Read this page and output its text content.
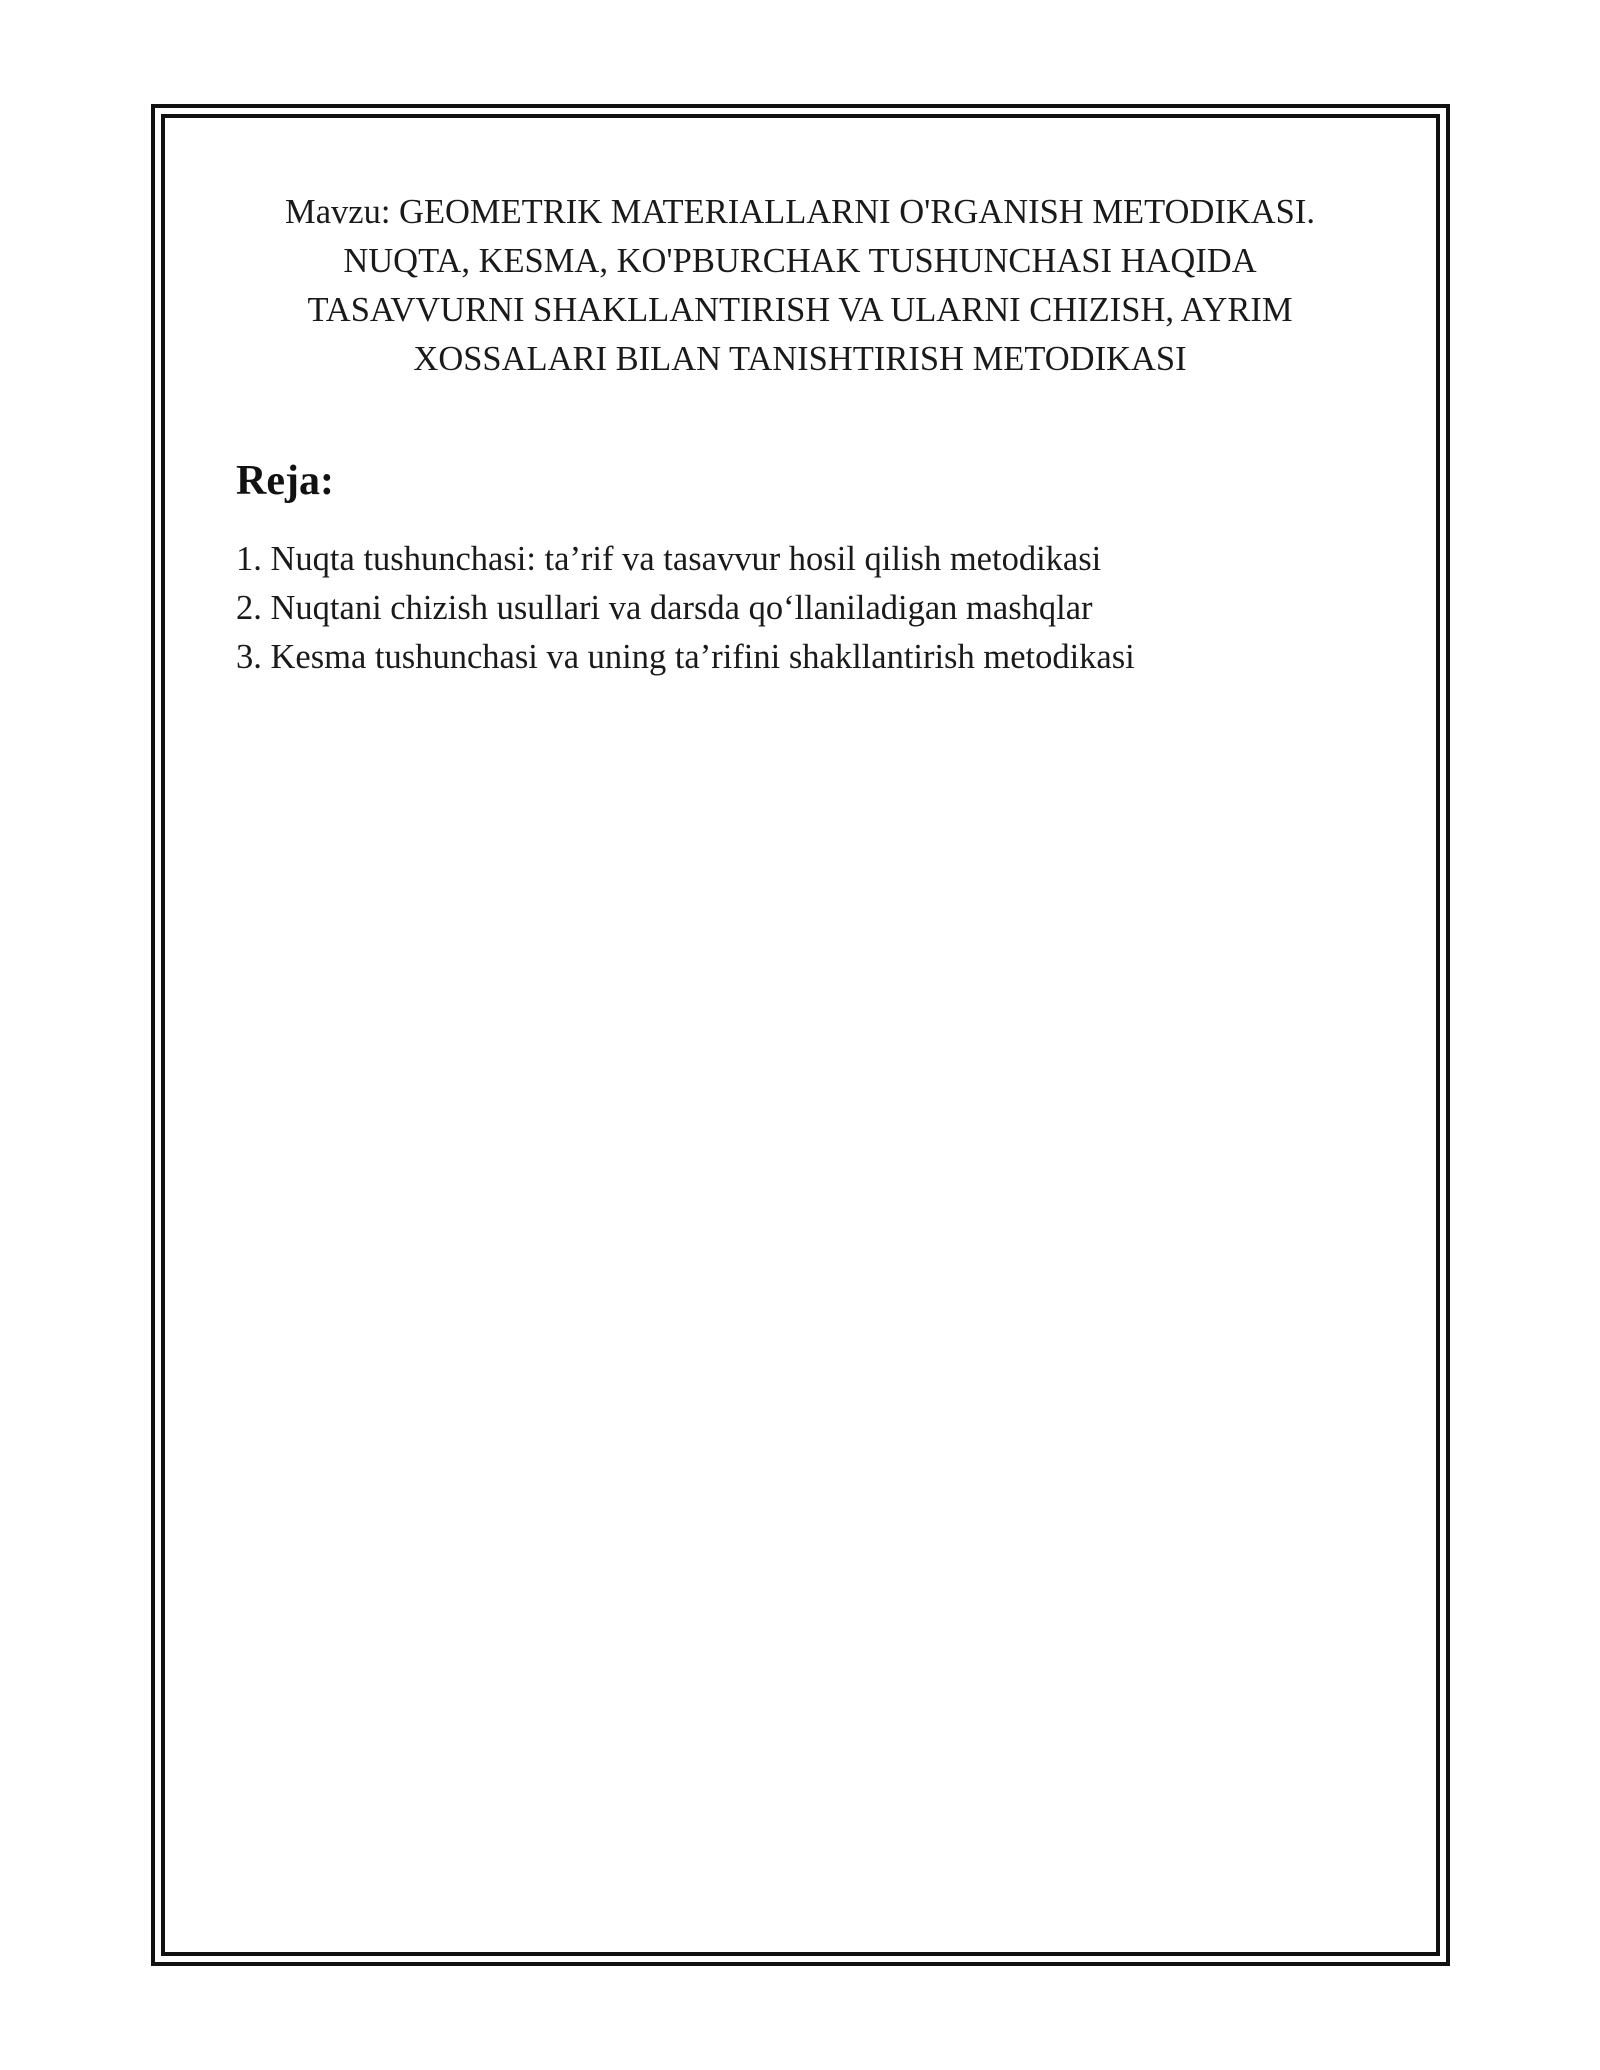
Mavzu: GEOMETRIK MATERIALLARNI O'RGANISH METODIKASI.
NUQTA, KESMA, KO'PBURCHAK TUSHUNCHASI HAQIDA
TASAVVURNI SHAKLLANTIRISH VA ULARNI CHIZISH, AYRIM
XOSSALARI BILAN TANISHTIRISH METODIKASI
Reja:
1. Nuqta tushunchasi: ta’rif va tasavvur hosil qilish metodikasi
2. Nuqtani chizish usullari va darsda qo‘llaniladigan mashqlar
3. Kesma tushunchasi va uning ta’rifini shakllantirish metodikasi
